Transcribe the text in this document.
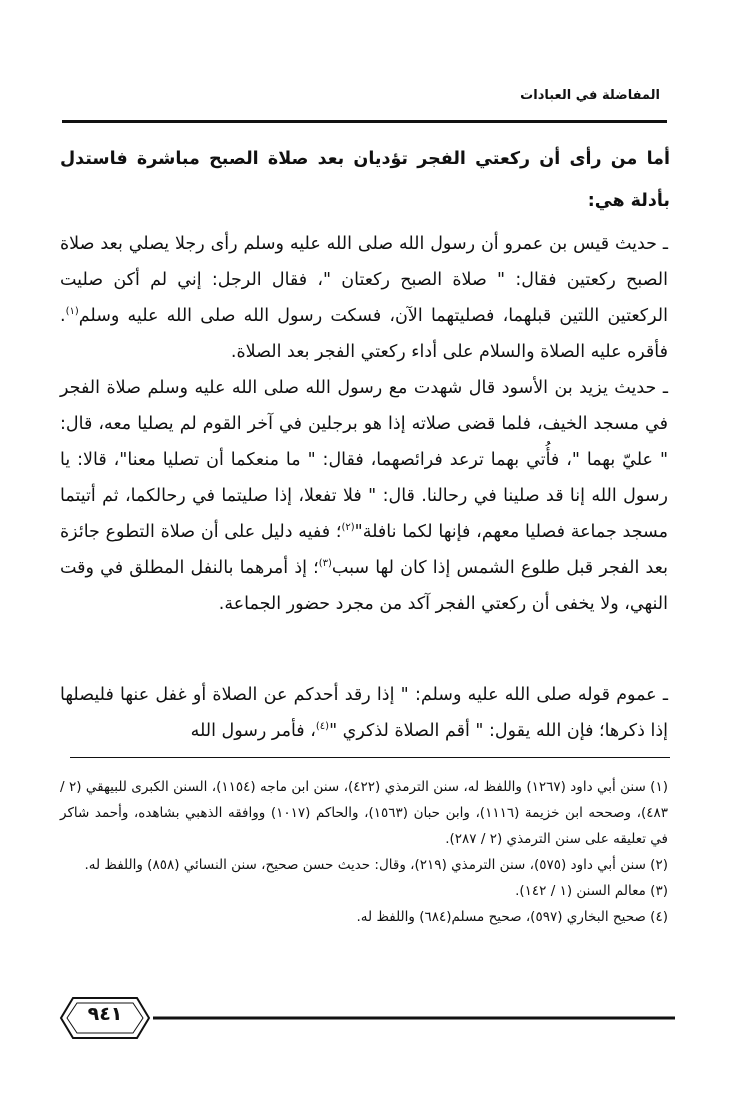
المفاضلة في العبادات
أما من رأى أن ركعتي الفجر تؤديان بعد صلاة الصبح مباشرة فاستدل بأدلة هي:
ـ حديث قيس بن عمرو أن رسول الله صلى الله عليه وسلم رأى رجلا يصلي بعد صلاة الصبح ركعتين فقال: " صلاة الصبح ركعتان "، فقال الرجل: إني لم أكن صليت الركعتين اللتين قبلهما، فصليتهما الآن، فسكت رسول الله صلى الله عليه وسلم$^{(١)}$. فأقره عليه الصلاة والسلام على أداء ركعتي الفجر بعد الصلاة.
ـ حديث يزيد بن الأسود قال شهدت مع رسول الله صلى الله عليه وسلم صلاة الفجر في مسجد الخيف، فلما قضى صلاته إذا هو برجلين في آخر القوم لم يصليا معه، قال: " عليّ بهما "، فأُتي بهما ترعد فرائصهما، فقال: " ما منعكما أن تصليا معنا"، قالا: يا رسول الله إنا قد صلينا في رحالنا. قال: " فلا تفعلا، إذا صليتما في رحالكما، ثم أتيتما مسجد جماعة فصليا معهم، فإنها لكما نافلة"$^{(٢)}$؛ ففيه دليل على أن صلاة التطوع جائزة بعد الفجر قبل طلوع الشمس إذا كان لها سبب$^{(٣)}$؛ إذ أمرهما بالنفل المطلق في وقت النهي، ولا يخفى أن ركعتي الفجر آكد من مجرد حضور الجماعة.
ـ عموم قوله صلى الله عليه وسلم: " إذا رقد أحدكم عن الصلاة أو غفل عنها فليصلها إذا ذكرها؛ فإن الله يقول: " أقم الصلاة لذكري "$^{(٤)}$، فأمر رسول الله
(١) سنن أبي داود (١٢٦٧) واللفظ له، سنن الترمذي (٤٢٢)، سنن ابن ماجه (١١٥٤)، السنن الكبرى للبيهقي (٢ / ٤٨٣)، وصححه ابن خزيمة (١١١٦)، وابن حبان (١٥٦٣)، والحاكم (١٠١٧) ووافقه الذهبي بشاهده، وأحمد شاكر في تعليقه على سنن الترمذي (٢ / ٢٨٧).
(٢) سنن أبي داود (٥٧٥)، سنن الترمذي (٢١٩)، وقال: حديث حسن صحيح، سنن النسائي (٨٥٨) واللفظ له.
(٣) معالم السنن (١ / ١٤٢).
(٤) صحيح البخاري (٥٩٧)، صحيح مسلم(٦٨٤) واللفظ له.
٩٤١
